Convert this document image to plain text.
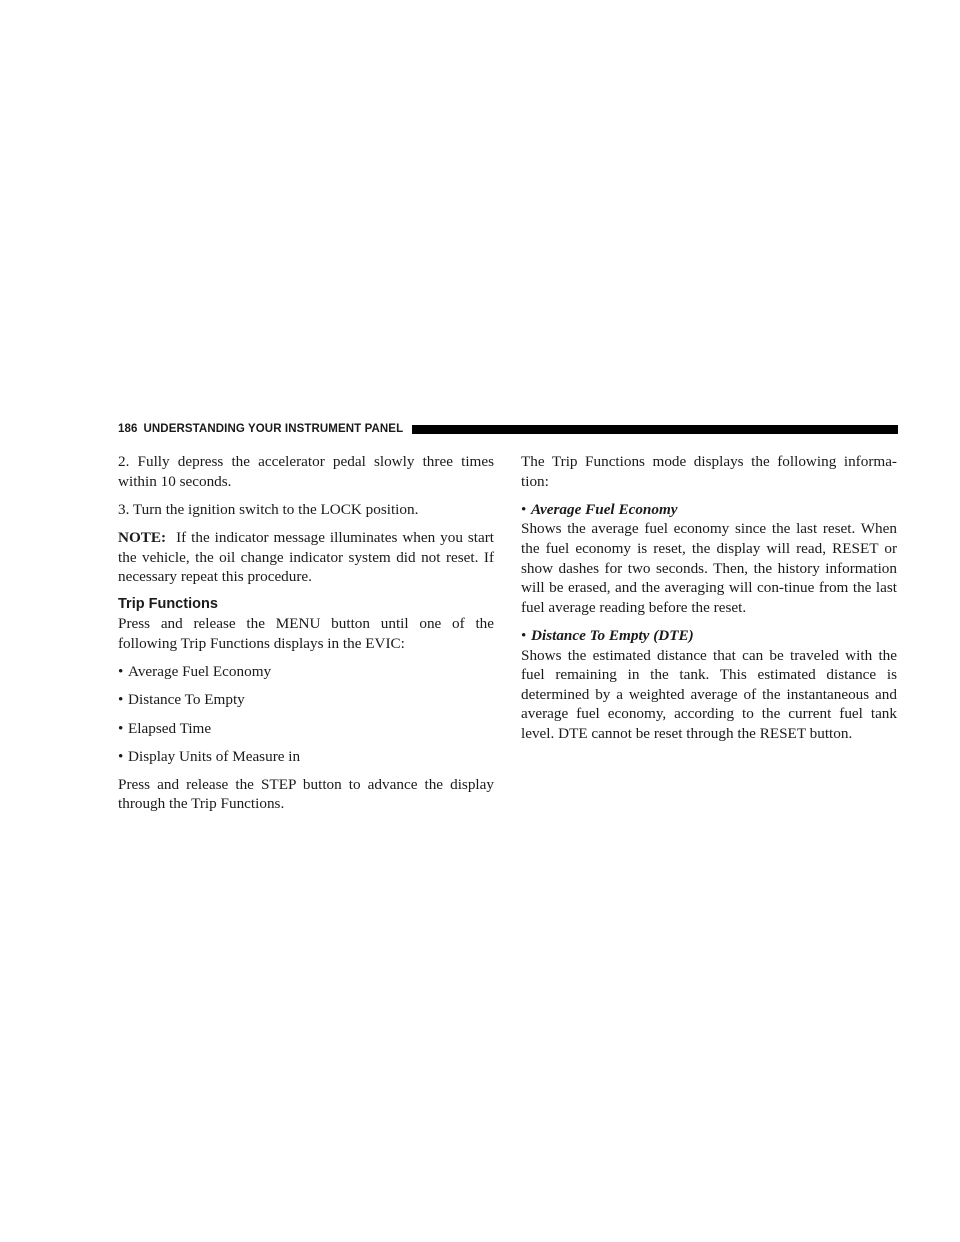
186 UNDERSTANDING YOUR INSTRUMENT PANEL

2. Fully depress the accelerator pedal slowly three times within 10 seconds.

3. Turn the ignition switch to the LOCK position.

NOTE: If the indicator message illuminates when you start the vehicle, the oil change indicator system did not reset. If necessary repeat this procedure.

Trip Functions

Press and release the MENU button until one of the following Trip Functions displays in the EVIC:

• Average Fuel Economy
• Distance To Empty
• Elapsed Time
• Display Units of Measure in

Press and release the STEP button to advance the display through the Trip Functions.

The Trip Functions mode displays the following informa-tion:

• Average Fuel Economy

Shows the average fuel economy since the last reset. When the fuel economy is reset, the display will read, RESET or show dashes for two seconds. Then, the history information will be erased, and the averaging will con-tinue from the last fuel average reading before the reset.

• Distance To Empty (DTE)

Shows the estimated distance that can be traveled with the fuel remaining in the tank. This estimated distance is determined by a weighted average of the instantaneous and average fuel economy, according to the current fuel tank level. DTE cannot be reset through the RESET button.
